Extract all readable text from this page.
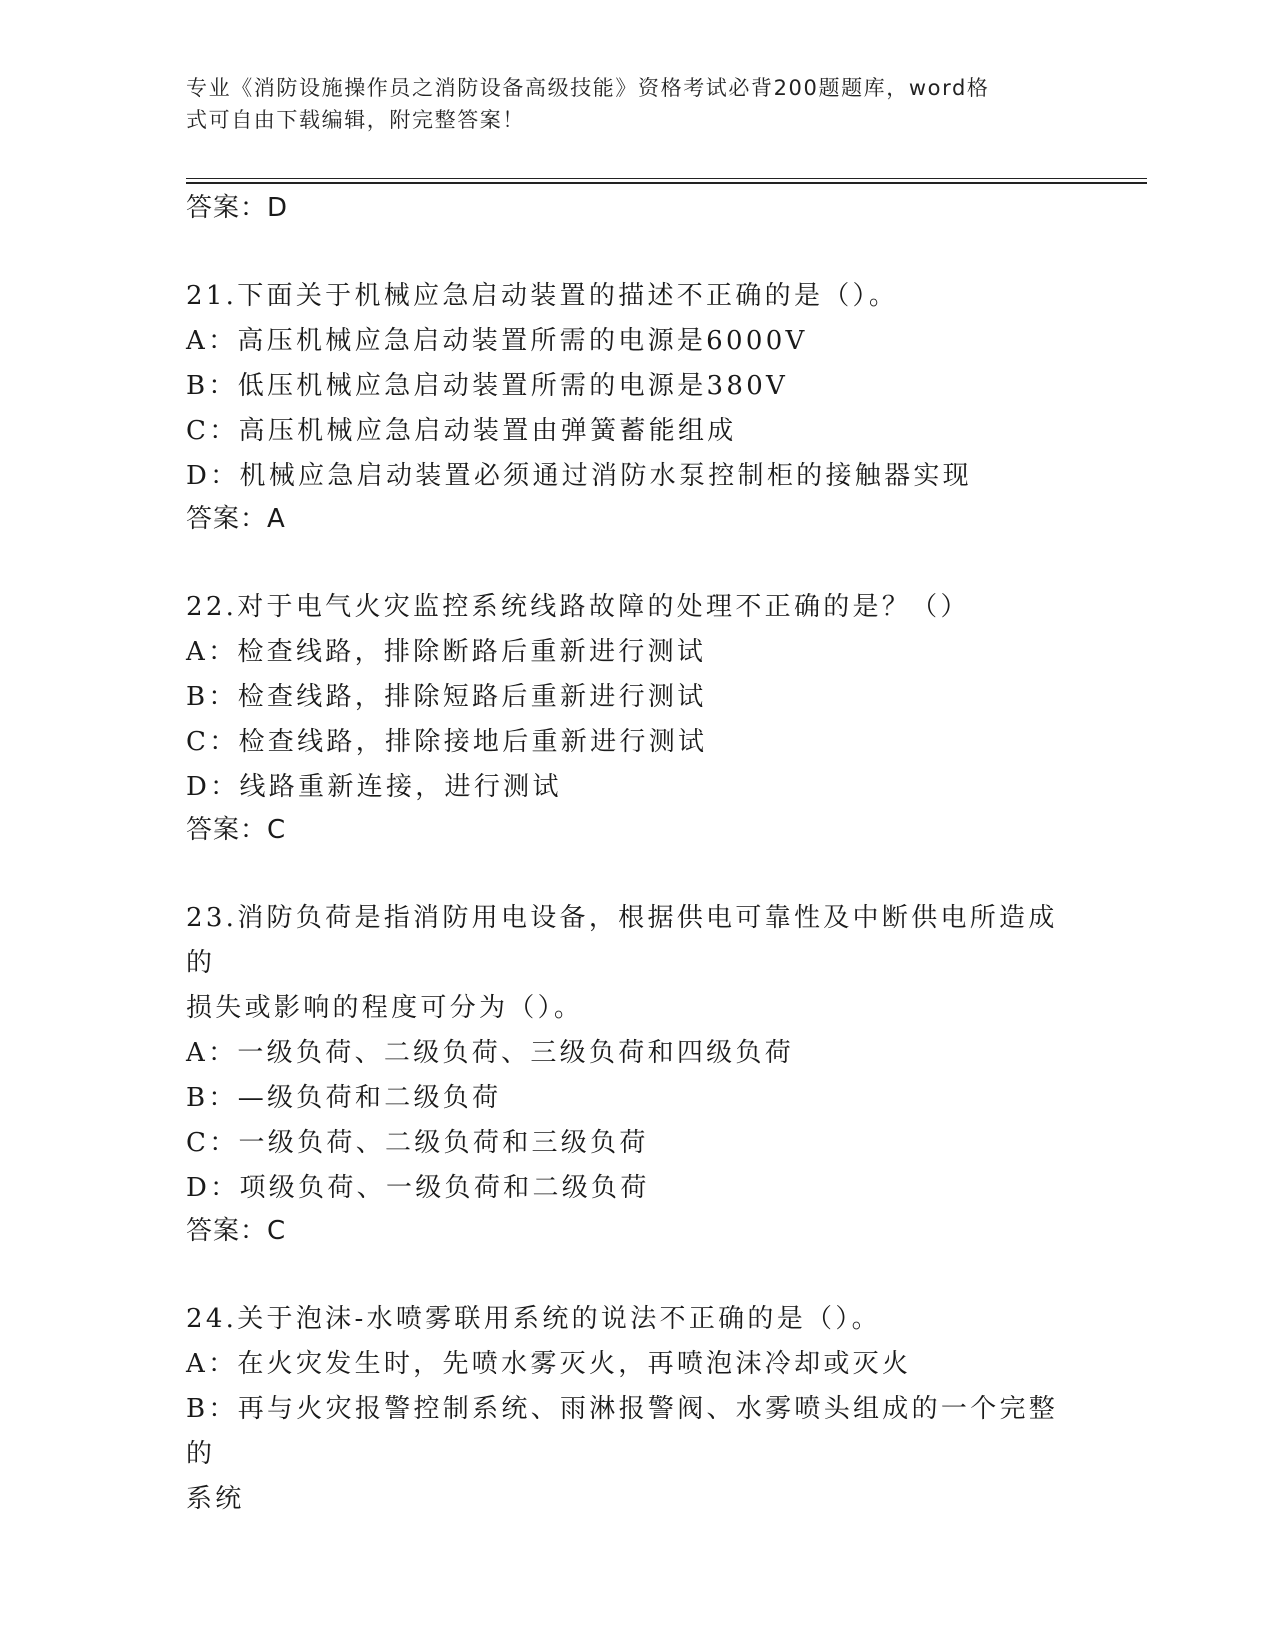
专业《消防设施操作员之消防设备高级技能》资格考试必背200题题库，word格
式可自由下载编辑，附完整答案！

答案：D

21.下面关于机械应急启动装置的描述不正确的是（）。

A：高压机械应急启动装置所需的电源是6000V

B：低压机械应急启动装置所需的电源是380V

C：高压机械应急启动装置由弹簧蓄能组成

D：机械应急启动装置必须通过消防水泵控制柜的接触器实现

答案：A

22.对于电气火灾监控系统线路故障的处理不正确的是？（）

A：检查线路，排除断路后重新进行测试

B：检查线路，排除短路后重新进行测试

C：检查线路，排除接地后重新进行测试

D：线路重新连接，进行测试

答案：C

23.消防负荷是指消防用电设备，根据供电可靠性及中断供电所造成的

损失或影响的程度可分为（）。

A：一级负荷、二级负荷、三级负荷和四级负荷

B：—级负荷和二级负荷

C：一级负荷、二级负荷和三级负荷

D：项级负荷、一级负荷和二级负荷

答案：C

24.关于泡沫-水喷雾联用系统的说法不正确的是（）。

A：在火灾发生时，先喷水雾灭火，再喷泡沫冷却或灭火

B：再与火灾报警控制系统、雨淋报警阀、水雾喷头组成的一个完整的

系统
